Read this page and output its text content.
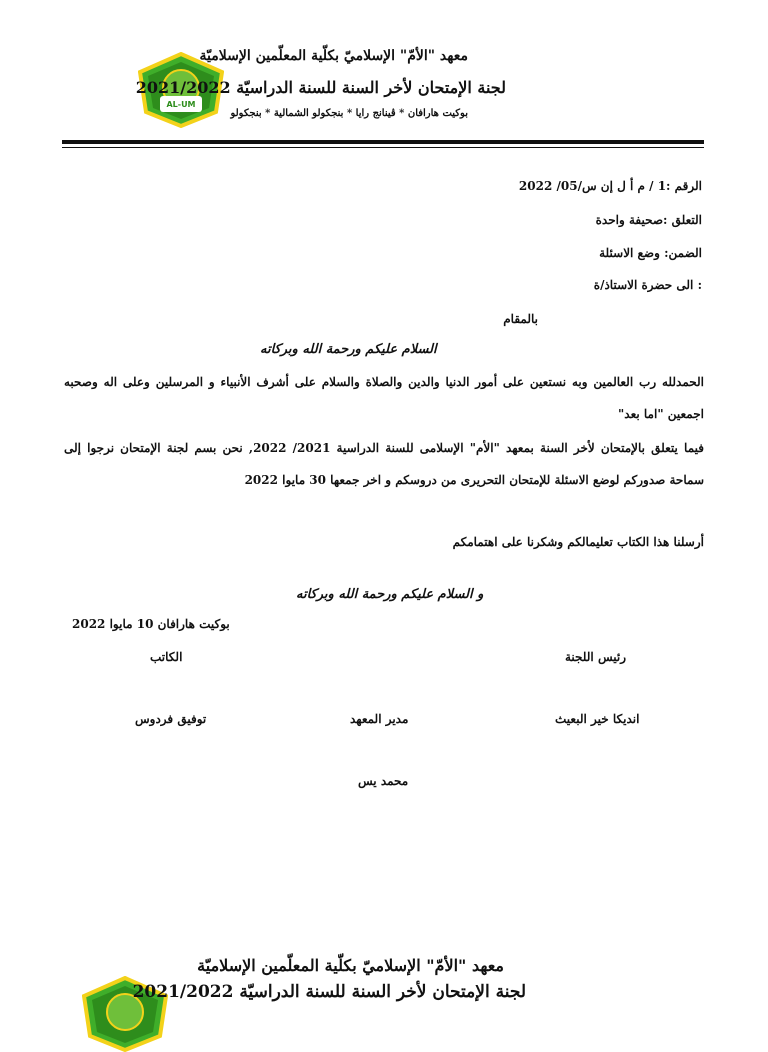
AL-UM
معهد "الأمّ" الإسلاميّ بكلّية المعلّمين الإسلاميّة
لجنة الإمتحان لأخر السنة للسنة الدراسيّة 2021/2022
بوكيت هارافان * ڤينانج رايا * بنجكولو الشمالية * بنجكولو
الرقم :1 / م أ ل إن س/05/ 2022
التعلق :صحيفة واحدة
الضمن: وضع الاسئلة
: الى حضرة الاستاذ/ة
بالمقام
السلام عليكم ورحمة الله وبركاته
الحمدلله رب العالمين وبه نستعين على أمور الدنيا والدين والصلاة والسلام على أشرف الأنبياء و المرسلين وعلى اله وصحبه اجمعين "اما بعد"
فيما يتعلق بالإمتحان لأخر السنة بمعهد "الأم" الإسلامى للسنة الدراسية 2021/ 2022, نحن بسم لجنة الإمتحان نرجوا إلى سماحة صدوركم لوضع الاسئلة للإمتحان التحريرى من دروسكم و اخر جمعها 30 مايوا 2022
أرسلنا هذا الكتاب تعليمالكم وشكرنا على اهتمامكم
و السلام عليكم ورحمة الله وبركاته
بوكيت هارافان 10 مايوا 2022
رئيس اللجنة
الكاتب
انديكا خير البعيث
مدير المعهد
توفيق فردوس
محمد يس
معهد "الأمّ" الإسلاميّ بكلّية المعلّمين الإسلاميّة
لجنة الإمتحان لأخر السنة للسنة الدراسيّة 2021/2022
